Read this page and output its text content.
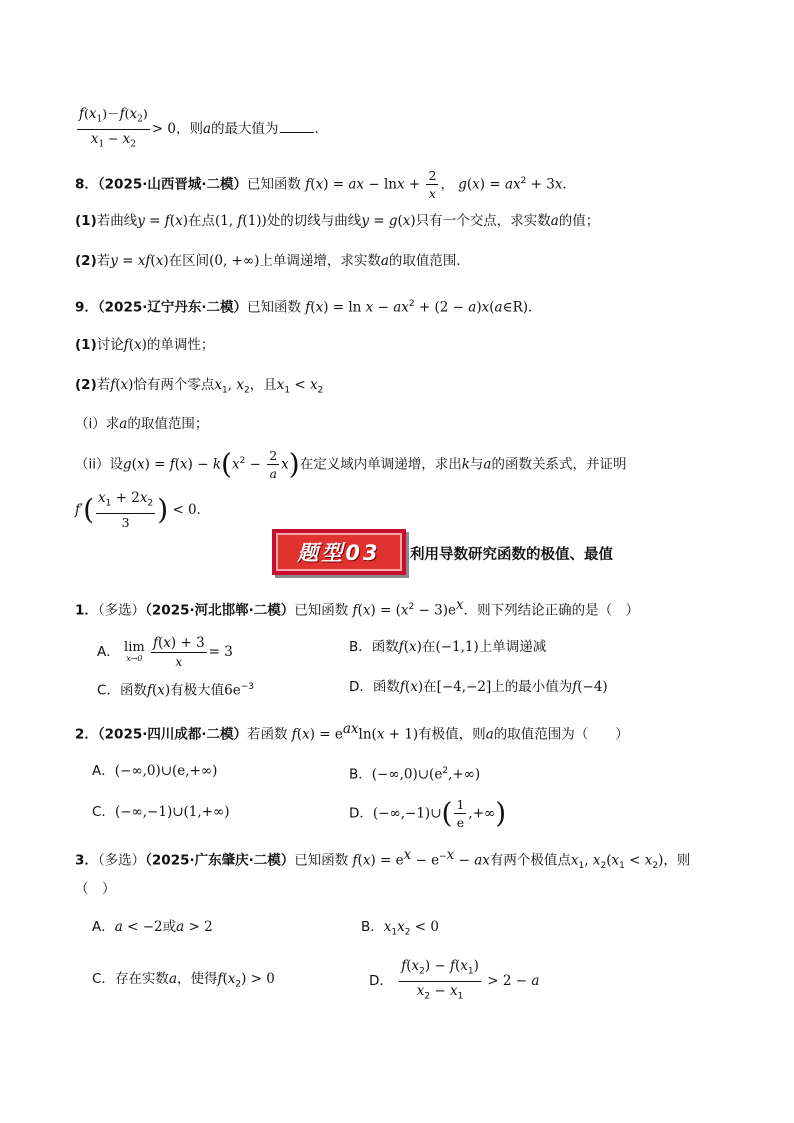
$\frac{f(x_1)-f(x_2)}{x_1 - x_2} > 0$，则a的最大值为	.
8．（2025·山西晋城·二模）已知函数 f(x) = ax − $\ln x + \frac{2}{x}$ ， $g(x) = ax^2 + 3x$．
(1)若曲线y = f(x)在点(1, f(1))处的切线与曲线y = g(x)只有一个交点，求实数a的值；
(2)若y = xf(x)在区间(0, +∞)上单调递增，求实数a的取值范围．
9．（2025·辽宁丹东·二模）已知函数 $f(x) = \ln x - ax^2 + (2$ − a)x(a∈R)．
(1)讨论f(x)的单调性；
(2)若f(x)恰有两个零点$x_1$, $x_2$，且$x_1 < x_2$
（i）求a的取值范围；
（ii）设$g(x) = f(x) - k(x^2 - \frac{2}{a} x)$在定义域内单调递增，求出k与a的函数关系式，并证明
$f'( \frac{x_1 + 2x_2}{3}$ ) < 0．
题型03	利用导数研究函数的极值、最值
1．（多选）（2025·河北邯郸·二模）已知函数 $f(x) = (x^2 - 3)e^x$．则下列结论正确的是（　）
A． lim
x→0
$\frac{f(x) + 3}{x} = 3$	B．函数f(x)在(−1,1)上单调递减
C．函数f(x)有极大值$6e^{-3}$	D．函数f(x)在[−4,−2]上的最小值为f(−4)
2．（2025·四川成都·二模）若函数 $f(x) = e^{ax}\ln(x + 1)$有极值，则a的取值范围为（　　）
A．(−∞,0)∪(e,+∞)	B．$(-\infty,0)\cup(e^2,+\infty)$
C．(−∞,−1)∪(1,+∞)	D．(−∞,−1)∪( $\frac{1}{e}$ ,+∞)
3．（多选）（2025·广东肇庆·二模）已知函数 $f(x) = e^x - e^{-x}$ − ax有两个极值点$x_1$, $x_2(x_1 < x_2)$，则
（　）
A．a < −2或a > 2	B．$x_1x_2 < 0$
C．存在实数a，使得$f(x_2) > 0$	D． $\frac{f(x_2) - f(x_1)}{x_2 - x_1} > 2 - a$
